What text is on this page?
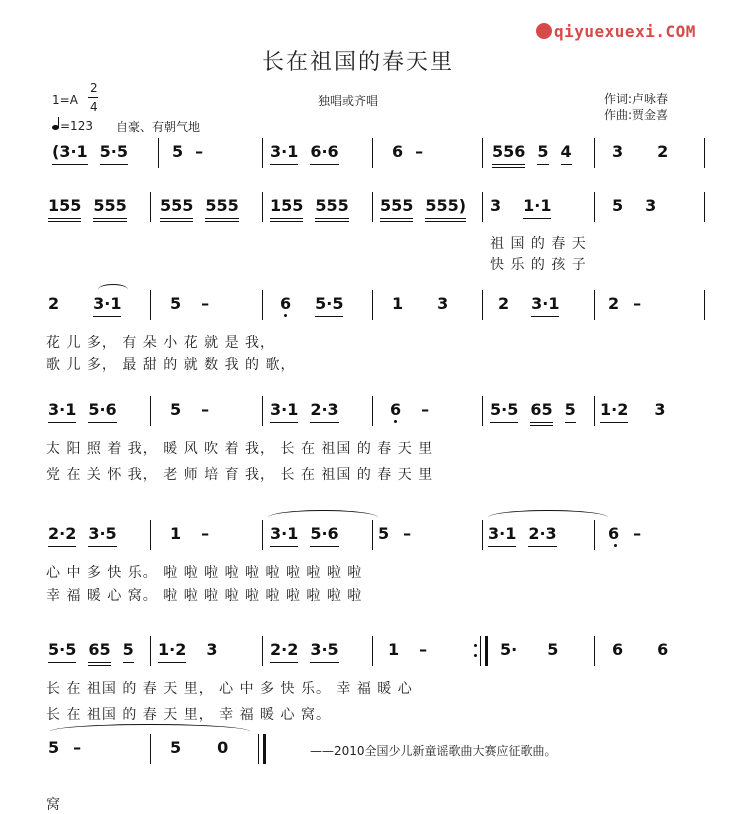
qiyuexuexi.COM
长在祖国的春天里
1=A
2
4
=123 自豪、有朝气地
独唱或齐唱	作词:卢咏春
作曲:贾金喜
(3·1 5·5	5 –	3·1 6·6	6 –	556 5 4	3 2
155 555 555 555 155 555 555 555) 3 1·1	5 3
祖 国 的 春 天
快 乐 的 孩 子
2 3·1	5 –	6 5·5	1 3	2 3·1	2 –
花 儿 多， 有 朵 小 花 就 是 我，
歌 儿 多， 最 甜 的 就 数 我 的 歌，
3·1 5·6	5 –	3·1 2·3	6 –	5·5 65 5 1·2 3
太 阳 照 着 我， 暖 风 吹 着 我， 长 在 祖国 的 春 天 里
党 在 关 怀 我， 老 师 培 育 我， 长 在 祖国 的 春 天 里
2·2 3·5	1 –	3·1 5·6 5 –	3·1 2·3	6 –
心 中 多 快 乐。 啦 啦 啦 啦 啦 啦 啦 啦 啦 啦
幸 福 暖 心 窝。 啦 啦 啦 啦 啦 啦 啦 啦 啦 啦
5·5 65 5 1·2 3	2·2 3·5	1 –	5· 5	6 6
长 在 祖国 的 春 天 里， 心 中 多 快 乐。 幸 福 暖 心
长 在 祖国 的 春 天 里， 幸 福 暖 心 窝。
5 –	5 0	——2010全国少儿新童谣歌曲大赛应征歌曲。
窝
